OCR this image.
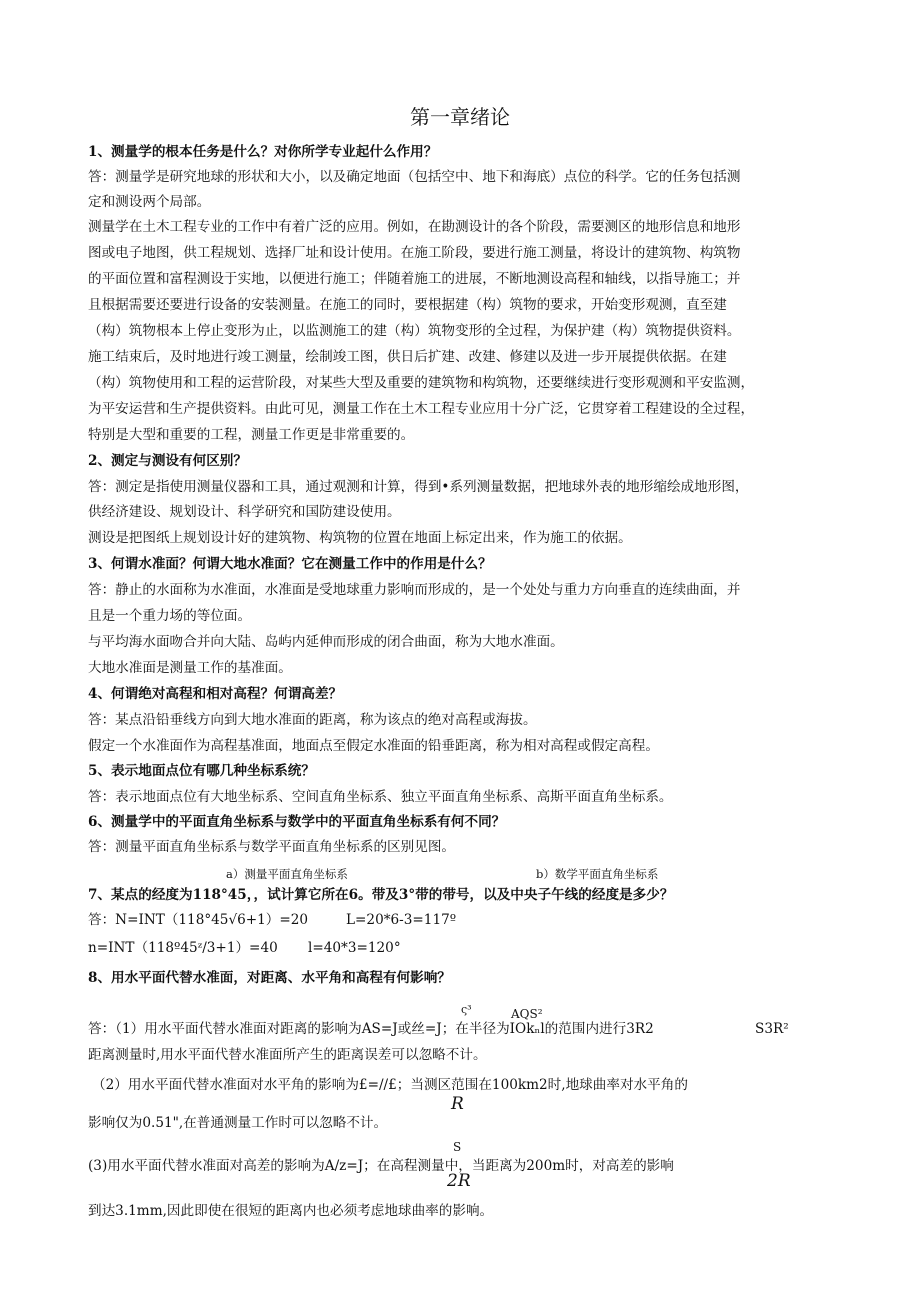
第一章绪论
1、测量学的根本任务是什么？对你所学专业起什么作用？
答：测量学是研究地球的形状和大小，以及确定地面（包括空中、地下和海底）点位的科学。它的任务包括测
定和测设两个局部。
测量学在土木工程专业的工作中有着广泛的应用。例如，在勘测设计的各个阶段，需要测区的地形信息和地形
图或电子地图，供工程规划、选择厂址和设计使用。在施工阶段，要进行施工测量，将设计的建筑物、构筑物
的平面位置和富程测设于实地，以便进行施工；伴随着施工的进展，不断地测设高程和轴线，以指导施工；并
且根据需要还要进行设备的安装测量。在施工的同时，要根据建（构）筑物的要求，开始变形观测，直至建
（构）筑物根本上停止变形为止，以监测施工的建（构）筑物变形的全过程，为保护建（构）筑物提供资料。
施工结束后，及时地进行竣工测量，绘制竣工图，供日后扩建、改建、修建以及进一步开展提供依据。在建
（构）筑物使用和工程的运营阶段，对某些大型及重要的建筑物和构筑物，还要继续进行变形观测和平安监测，
为平安运营和生产提供资料。由此可见，测量工作在土木工程专业应用十分广泛，它贯穿着工程建设的全过程，
特别是大型和重要的工程，测量工作更是非常重要的。
2、测定与测设有何区别？
答：测定是指使用测量仪器和工具，通过观测和计算，得到•系列测量数据，把地球外表的地形缩绘成地形图，
供经济建设、规划设计、科学研究和国防建设使用。
测设是把图纸上规划设计好的建筑物、构筑物的位置在地面上标定出来，作为施工的依据。
3、何谓水准面？何谓大地水准面？它在测量工作中的作用是什么？
答：静止的水面称为水准面，水准面是受地球重力影响而形成的，是一个处处与重力方向垂直的连续曲面，并
且是一个重力场的等位面。
与平均海水面吻合并向大陆、岛屿内延伸而形成的闭合曲面，称为大地水准面。
大地水准面是测量工作的基准面。
4、何谓绝对高程和相对高程？何谓高差？
答：某点沿铅垂线方向到大地水准面的距离，称为该点的绝对高程或海拔。
假定一个水准面作为高程基准面，地面点至假定水准面的铅垂距离，称为相对高程或假定高程。
5、表示地面点位有哪几种坐标系统？
答：表示地面点位有大地坐标系、空间直角坐标系、独立平面直角坐标系、高斯平面直角坐标系。
6、测量学中的平面直角坐标系与数学中的平面直角坐标系有何不同？
答：测量平面直角坐标系与数学平面直角坐标系的区别见图。
a）测量平面直角坐标系	b）数学平面直角坐标系
7、某点的经度为118°45，，试计算它所在6。带及3°带的带号，以及中央子午线的经度是多少？
答：N=INT（118°45√6+1）=20	L=20*6-3=117º
n=INT（118º45ᶻ/3+1）=40 l=40*3=120°
8、用水平面代替水准面，对距离、水平角和高程有何影响？
ς³	AQS²
答：（1）用水平面代替水准面对距离的影响为AS=J或丝=J；在半径为IOkₙl的范围内进行3R2	S3R²
距离测量时,用水平面代替水准面所产生的距离误差可以忽略不计。
（2）用水平面代替水准面对水平角的影响为£=//£；当测区范围在100km2时,地球曲率对水平角的
R
影响仅为0.51",在普通测量工作时可以忽略不计。
S
(3)用水平面代替水准面对高差的影响为A/z=J；在高程测量中，当距离为200m时，对高差的影响
2R
到达3.1mm,因此即使在很短的距离内也必须考虑地球曲率的影响。
